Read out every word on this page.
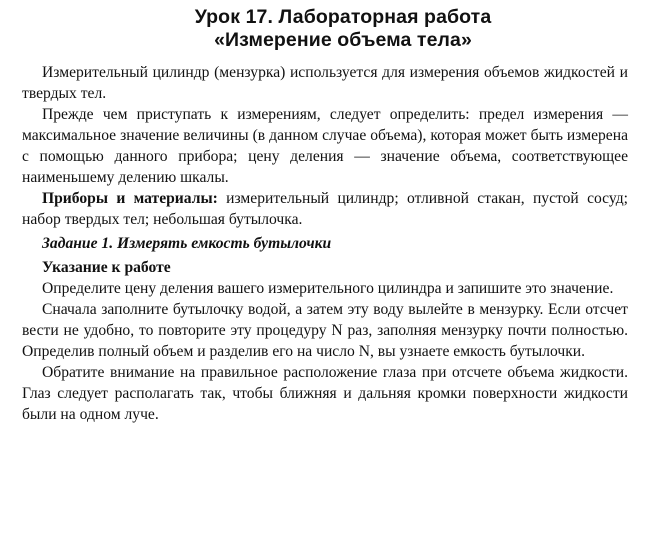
Урок 17. Лабораторная работа
«Измерение объема тела»

Измерительный цилиндр (мензурка) используется для измерения объемов жидкостей и твердых тел.

Прежде чем приступать к измерениям, следует определить: предел измерения — максимальное значение величины (в данном случае объема), которая может быть измерена с помощью данного прибора; цену деления — значение объема, соответствующее наименьшему делению шкалы.

Приборы и материалы: измерительный цилиндр; отливной стакан, пустой сосуд; набор твердых тел; небольшая бутылочка.

Задание 1. Измерять емкость бутылочки
Указание к работе

Определите цену деления вашего измерительного цилиндра и запишите это значение.

Сначала заполните бутылочку водой, а затем эту воду вылейте в мензурку. Если отсчет вести не удобно, то повторите эту процедуру N раз, заполняя мензурку почти полностью. Определив полный объем и разделив его на число N, вы узнаете емкость бутылочки.

Обратите внимание на правильное расположение глаза при отсчете объема жидкости. Глаз следует располагать так, чтобы ближняя и дальняя кромки поверхности жидкости были на одном луче.
